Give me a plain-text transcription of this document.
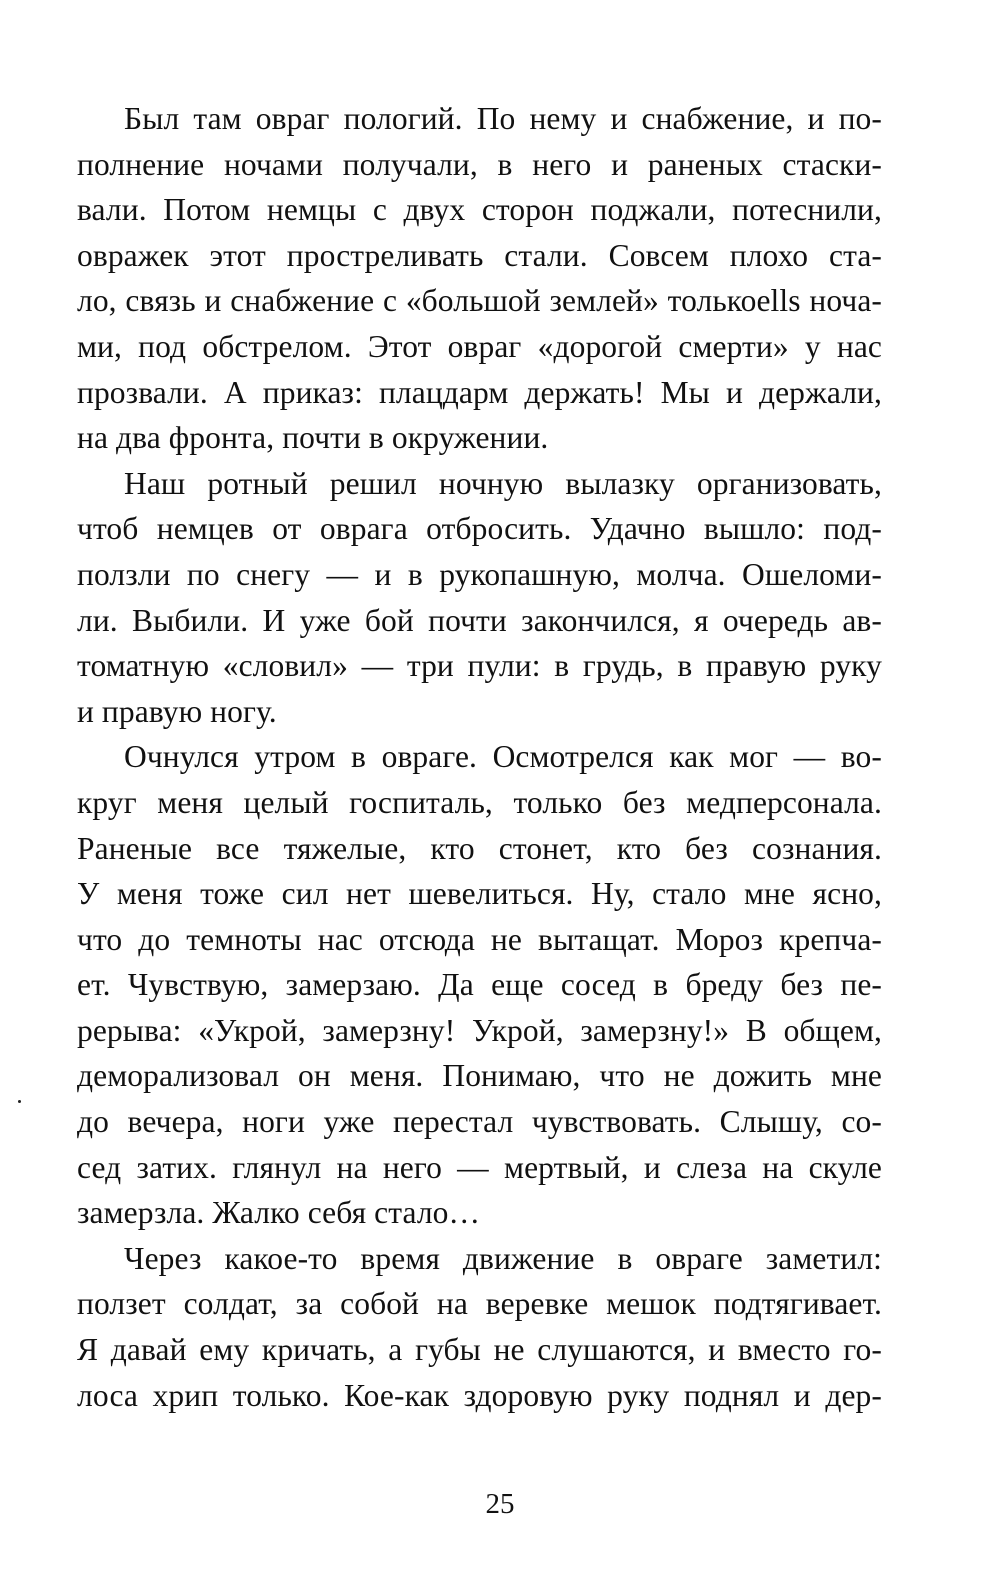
Был там овраг пологий. По нему и снабжение, и по-
полнение ночами получали, в него и раненых стаски-
вали. Потом немцы с двух сторон поджали, потеснили,
овражек этот простреливать стали. Совсем плохо ста-
ло, связь и снабжение с «большой землей» толькоells ноча-
ми, под обстрелом. Этот овраг «дорогой смерти» у нас
прозвали. А приказ: плацдарм держать! Мы и держали,
на два фронта, почти в окружении.
Наш ротный решил ночную вылазку организовать,
чтоб немцев от оврага отбросить. Удачно вышло: под-
ползли по снегу — и в рукопашную, молча. Ошеломи-
ли. Выбили. И уже бой почти закончился, я очередь ав-
томатную «словил» — три пули: в грудь, в правую руку
и правую ногу.
Очнулся утром в овраге. Осмотрелся как мог — во-
круг меня целый госпиталь, только без медперсонала.
Раненые все тяжелые, кто стонет, кто без сознания.
У меня тоже сил нет шевелиться. Ну, стало мне ясно,
что до темноты нас отсюда не вытащат. Мороз крепча-
ет. Чувствую, замерзаю. Да еще сосед в бреду без пе-
рерыва: «Укрой, замерзну! Укрой, замерзну!» В общем,
деморализовал он меня. Понимаю, что не дожить мне
до вечера, ноги уже перестал чувствовать. Слышу, со-
сед затих. глянул на него — мертвый, и слеза на скуле
замерзла. Жалко себя стало…
Через какое-то время движение в овраге заметил:
ползет солдат, за собой на веревке мешок подтягивает.
Я давай ему кричать, а губы не слушаются, и вместо го-
лоса хрип только. Кое-как здоровую руку поднял и дер-
25
